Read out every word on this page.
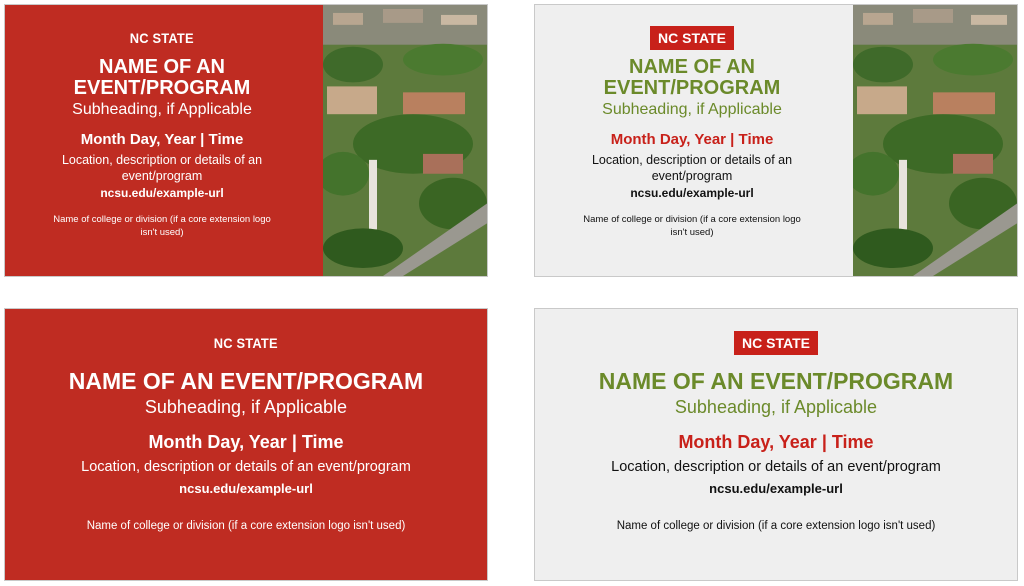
NC STATE
NAME OF AN EVENT/PROGRAM
Subheading, if Applicable
Month Day, Year | Time
Location, description or details of an event/program
ncsu.edu/example-url
Name of college or division (if a core extension logo isn't used)
NC STATE
NAME OF AN EVENT/PROGRAM
Subheading, if Applicable
Month Day, Year | Time
Location, description or details of an event/program
ncsu.edu/example-url
Name of college or division (if a core extension logo isn't used)
NC STATE
NAME OF AN EVENT/PROGRAM
Subheading, if Applicable
Month Day, Year | Time
Location, description or details of an event/program
ncsu.edu/example-url
Name of college or division (if a core extension logo isn't used)
NC STATE
NAME OF AN EVENT/PROGRAM
Subheading, if Applicable
Month Day, Year | Time
Location, description or details of an event/program
ncsu.edu/example-url
Name of college or division (if a core extension logo isn't used)
